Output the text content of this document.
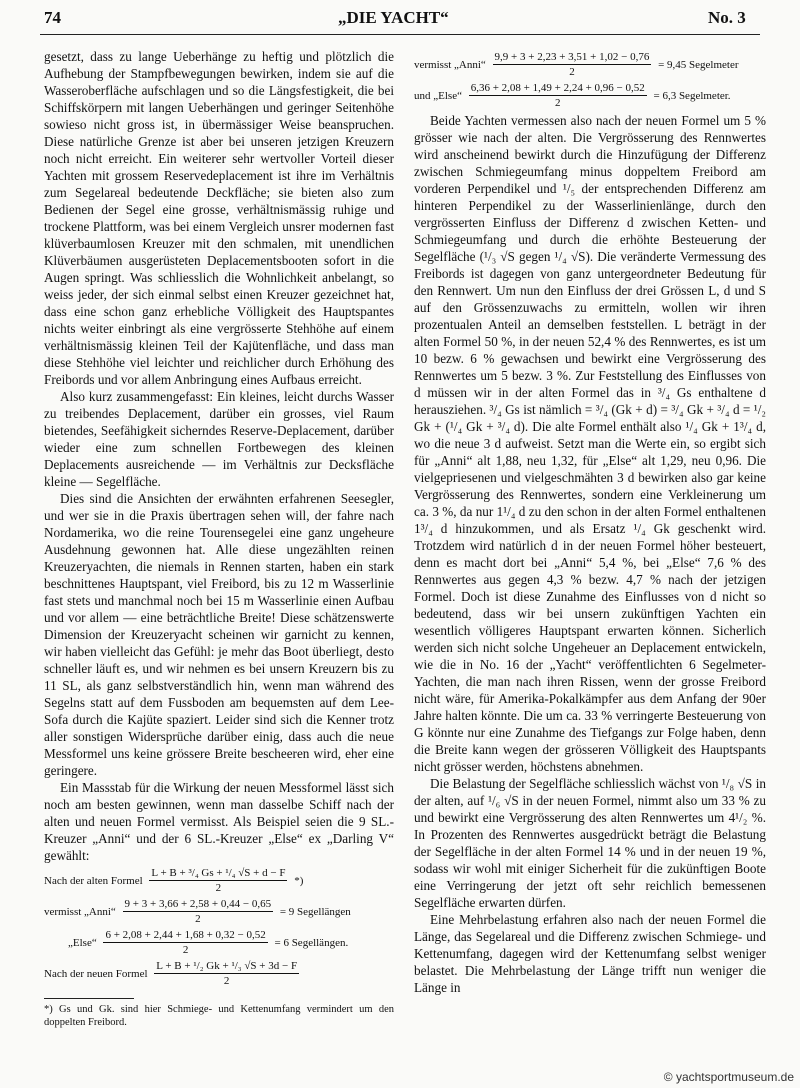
74	„DIE YACHT“	No. 3

gesetzt, dass zu lange Ueberhänge zu heftig und plötzlich die Aufhebung der Stampfbewegungen bewirken, indem sie auf die Wasseroberfläche aufschlagen und so die Längsfestigkeit, die bei Schiffskörpern mit langen Ueberhängen und geringer Seitenhöhe sowieso nicht gross ist, in übermässiger Weise beanspruchen. Diese natürliche Grenze ist aber bei unseren jetzigen Kreuzern noch nicht erreicht. Ein weiterer sehr wertvoller Vorteil dieser Yachten mit grossem Reservedeplacement ist ihre im Verhältnis zum Segelareal bedeutende Deckfläche; sie bieten also zum Bedienen der Segel eine grosse, verhältnismässig ruhige und trockene Plattform, was bei einem Vergleich unsrer modernen fast klüverbaumlosen Kreuzer mit den schmalen, mit unendlichen Klüverbäumen ausgerüsteten Deplacementsbooten sofort in die Augen springt. Was schliesslich die Wohnlichkeit anbelangt, so weiss jeder, der sich einmal selbst einen Kreuzer gezeichnet hat, dass eine schon ganz erhebliche Völligkeit des Hauptspantes nichts weiter einbringt als eine vergrösserte Stehhöhe auf einem verhältnismässig kleinen Teil der Kajütenfläche, und dass man diese Stehhöhe viel leichter und reichlicher durch Erhöhung des Freibords und vor allem Anbringung eines Aufbaus erreicht.

Also kurz zusammengefasst: Ein kleines, leicht durchs Wasser zu treibendes Deplacement, darüber ein grosses, viel Raum bietendes, Seefähigkeit sicherndes Reserve-Deplacement, darüber wieder eine zum schnellen Fortbewegen des kleinen Deplacements ausreichende — im Verhältnis zur Decksfläche kleine — Segelfläche.

Dies sind die Ansichten der erwähnten erfahrenen Seesegler, und wer sie in die Praxis übertragen sehen will, der fahre nach Nordamerika, wo die reine Tourensegelei eine ganz ungeheure Ausdehnung gewonnen hat. Alle diese ungezählten reinen Kreuzeryachten, die niemals in Rennen starten, haben ein stark beschnittenes Hauptspant, viel Freibord, bis zu 12 m Wasserlinie fast stets und manchmal noch bei 15 m Wasserlinie einen Aufbau und vor allem — eine beträchtliche Breite! Diese schätzenswerte Dimension der Kreuzeryacht scheinen wir garnicht zu kennen, wir haben vielleicht das Gefühl: je mehr das Boot überliegt, desto schneller läuft es, und wir nehmen es bei unsern Kreuzern bis zu 11 SL, als ganz selbstverständlich hin, wenn man während des Segelns statt auf dem Fussboden am bequemsten auf dem Lee-Sofa durch die Kajüte spaziert. Leider sind sich die Kenner trotz aller sonstigen Widersprüche darüber einig, dass auch die neue Messformel uns keine grössere Breite bescheeren wird, eher eine geringere.

Ein Massstab für die Wirkung der neuen Messformel lässt sich noch am besten gewinnen, wenn man dasselbe Schiff nach der alten und neuen Formel vermisst. Als Beispiel seien die 9 SL.-Kreuzer „Anni“ und der 6 SL.-Kreuzer „Else“ ex „Darling V“ gewählt:

Nach der alten Formel $\frac{\text{L + B + ³/₄ Gs + ¹/₄ √S + d − F}}{2}$ *)
vermisst „Anni“ $\frac{9 + 3 + 3,66 + 2,58 + 0,44 - 0,65}{2} = 9$ Segellängen
„Else“ $\frac{6 + 2,08 + 2,44 + 1,68 + 0,32 - 0,52}{2} = 6$ Segellängen.
Nach der neuen Formel $\frac{\text{L + B + ¹/₂ Gk + ¹/₃ √S + 3d − F}}{2}$

*) Gs und Gk. sind hier Schmiege- und Kettenumfang vermindert um den doppelten Freibord.
vermisst „Anni“ $\frac{9,9 + 3 + 2,23 + 3,51 + 1,02 - 0,76}{2} = 9,45$ Segelmeter
und „Else“ $\frac{6,36 + 2,08 + 1,49 + 2,24 + 0,96 - 0,52}{2} = 6,3$ Segelmeter.

Beide Yachten vermessen also nach der neuen Formel um 5 % grösser wie nach der alten. Die Vergrösserung des Rennwertes wird anscheinend bewirkt durch die Hinzufügung der Differenz zwischen Schmiegeumfang minus doppeltem Freibord am vorderen Perpendikel und ¹/₅ der entsprechenden Differenz am hinteren Perpendikel zu der Wasserlinienlänge, durch den vergrösserten Einfluss der Differenz d zwischen Ketten- und Schmiegeumfang und durch die erhöhte Besteuerung der Segelfläche (¹/₃ √S gegen ¹/₄ √S). Die veränderte Vermessung des Freibords ist dagegen von ganz untergeordneter Bedeutung für den Rennwert. Um nun den Einfluss der drei Grössen L, d und S auf den Grössenzuwachs zu ermitteln, wollen wir ihren prozentualen Anteil an demselben feststellen. L beträgt in der alten Formel 50 %, in der neuen 52,4 % des Rennwertes, es ist um 10 bezw. 6 % gewachsen und bewirkt eine Vergrösserung des Rennwertes um 5 bezw. 3 %. Zur Feststellung des Einflusses von d müssen wir in der alten Formel das in ³/₄ Gs enthaltene d herausziehen. ³/₄ Gs ist nämlich = ³/₄ (Gk + d) = ³/₄ Gk + ³/₄ d = ¹/₂ Gk + (¹/₄ Gk + ³/₄ d). Die alte Formel enthält also ¹/₄ Gk + 1³/₄ d, wo die neue 3 d aufweist. Setzt man die Werte ein, so ergibt sich für „Anni“ alt 1,88, neu 1,32, für „Else“ alt 1,29, neu 0,96. Die vielgepriesenen und vielgeschmähten 3 d bewirken also gar keine Vergrösserung des Rennwertes, sondern eine Verkleinerung um ca. 3 %, da nur 1¹/₄ d zu den schon in der alten Formel enthaltenen 1³/₄ d hinzukommen, und als Ersatz ¹/₄ Gk geschenkt wird. Trotzdem wird natürlich d in der neuen Formel höher besteuert, denn es macht dort bei „Anni“ 5,4 %, bei „Else“ 7,6 % des Rennwertes aus gegen 4,3 % bezw. 4,7 % nach der jetzigen Formel. Doch ist diese Zunahme des Einflusses von d nicht so bedeutend, dass wir bei unsern zukünftigen Yachten ein wesentlich völligeres Hauptspant erwarten können. Sicherlich werden sich nicht solche Ungeheuer an Deplacement entwickeln, wie die in No. 16 der „Yacht“ veröffentlichten 6 Segelmeter-Yachten, die man nach ihren Rissen, wenn der grosse Freibord nicht wäre, für Amerika-Pokalkämpfer aus dem Anfang der 90er Jahre halten könnte. Die um ca. 33 % verringerte Besteuerung von G könnte nur eine Zunahme des Tiefgangs zur Folge haben, denn die Breite kann wegen der grösseren Völligkeit des Hauptspants nicht grösser werden, höchstens abnehmen.

Die Belastung der Segelfläche schliesslich wächst von ¹/₈ √S in der alten, auf ¹/₆ √S in der neuen Formel, nimmt also um 33 % zu und bewirkt eine Vergrösserung des alten Rennwertes um 4¹/₂ %. In Prozenten des Rennwertes ausgedrückt beträgt die Belastung der Segelfläche in der alten Formel 14 % und in der neuen 19 %, sodass wir wohl mit einiger Sicherheit für die zukünftigen Boote eine Verringerung der jetzt oft sehr reichlich bemessenen Segelfläche erwarten dürfen.

Eine Mehrbelastung erfahren also nach der neuen Formel die Länge, das Segelareal und die Differenz zwischen Schmiege- und Kettenumfang, dagegen wird der Kettenumfang selbst weniger belastet. Die Mehrbelastung der Länge trifft nun weniger die Länge in

© yachtsportmuseum.de
